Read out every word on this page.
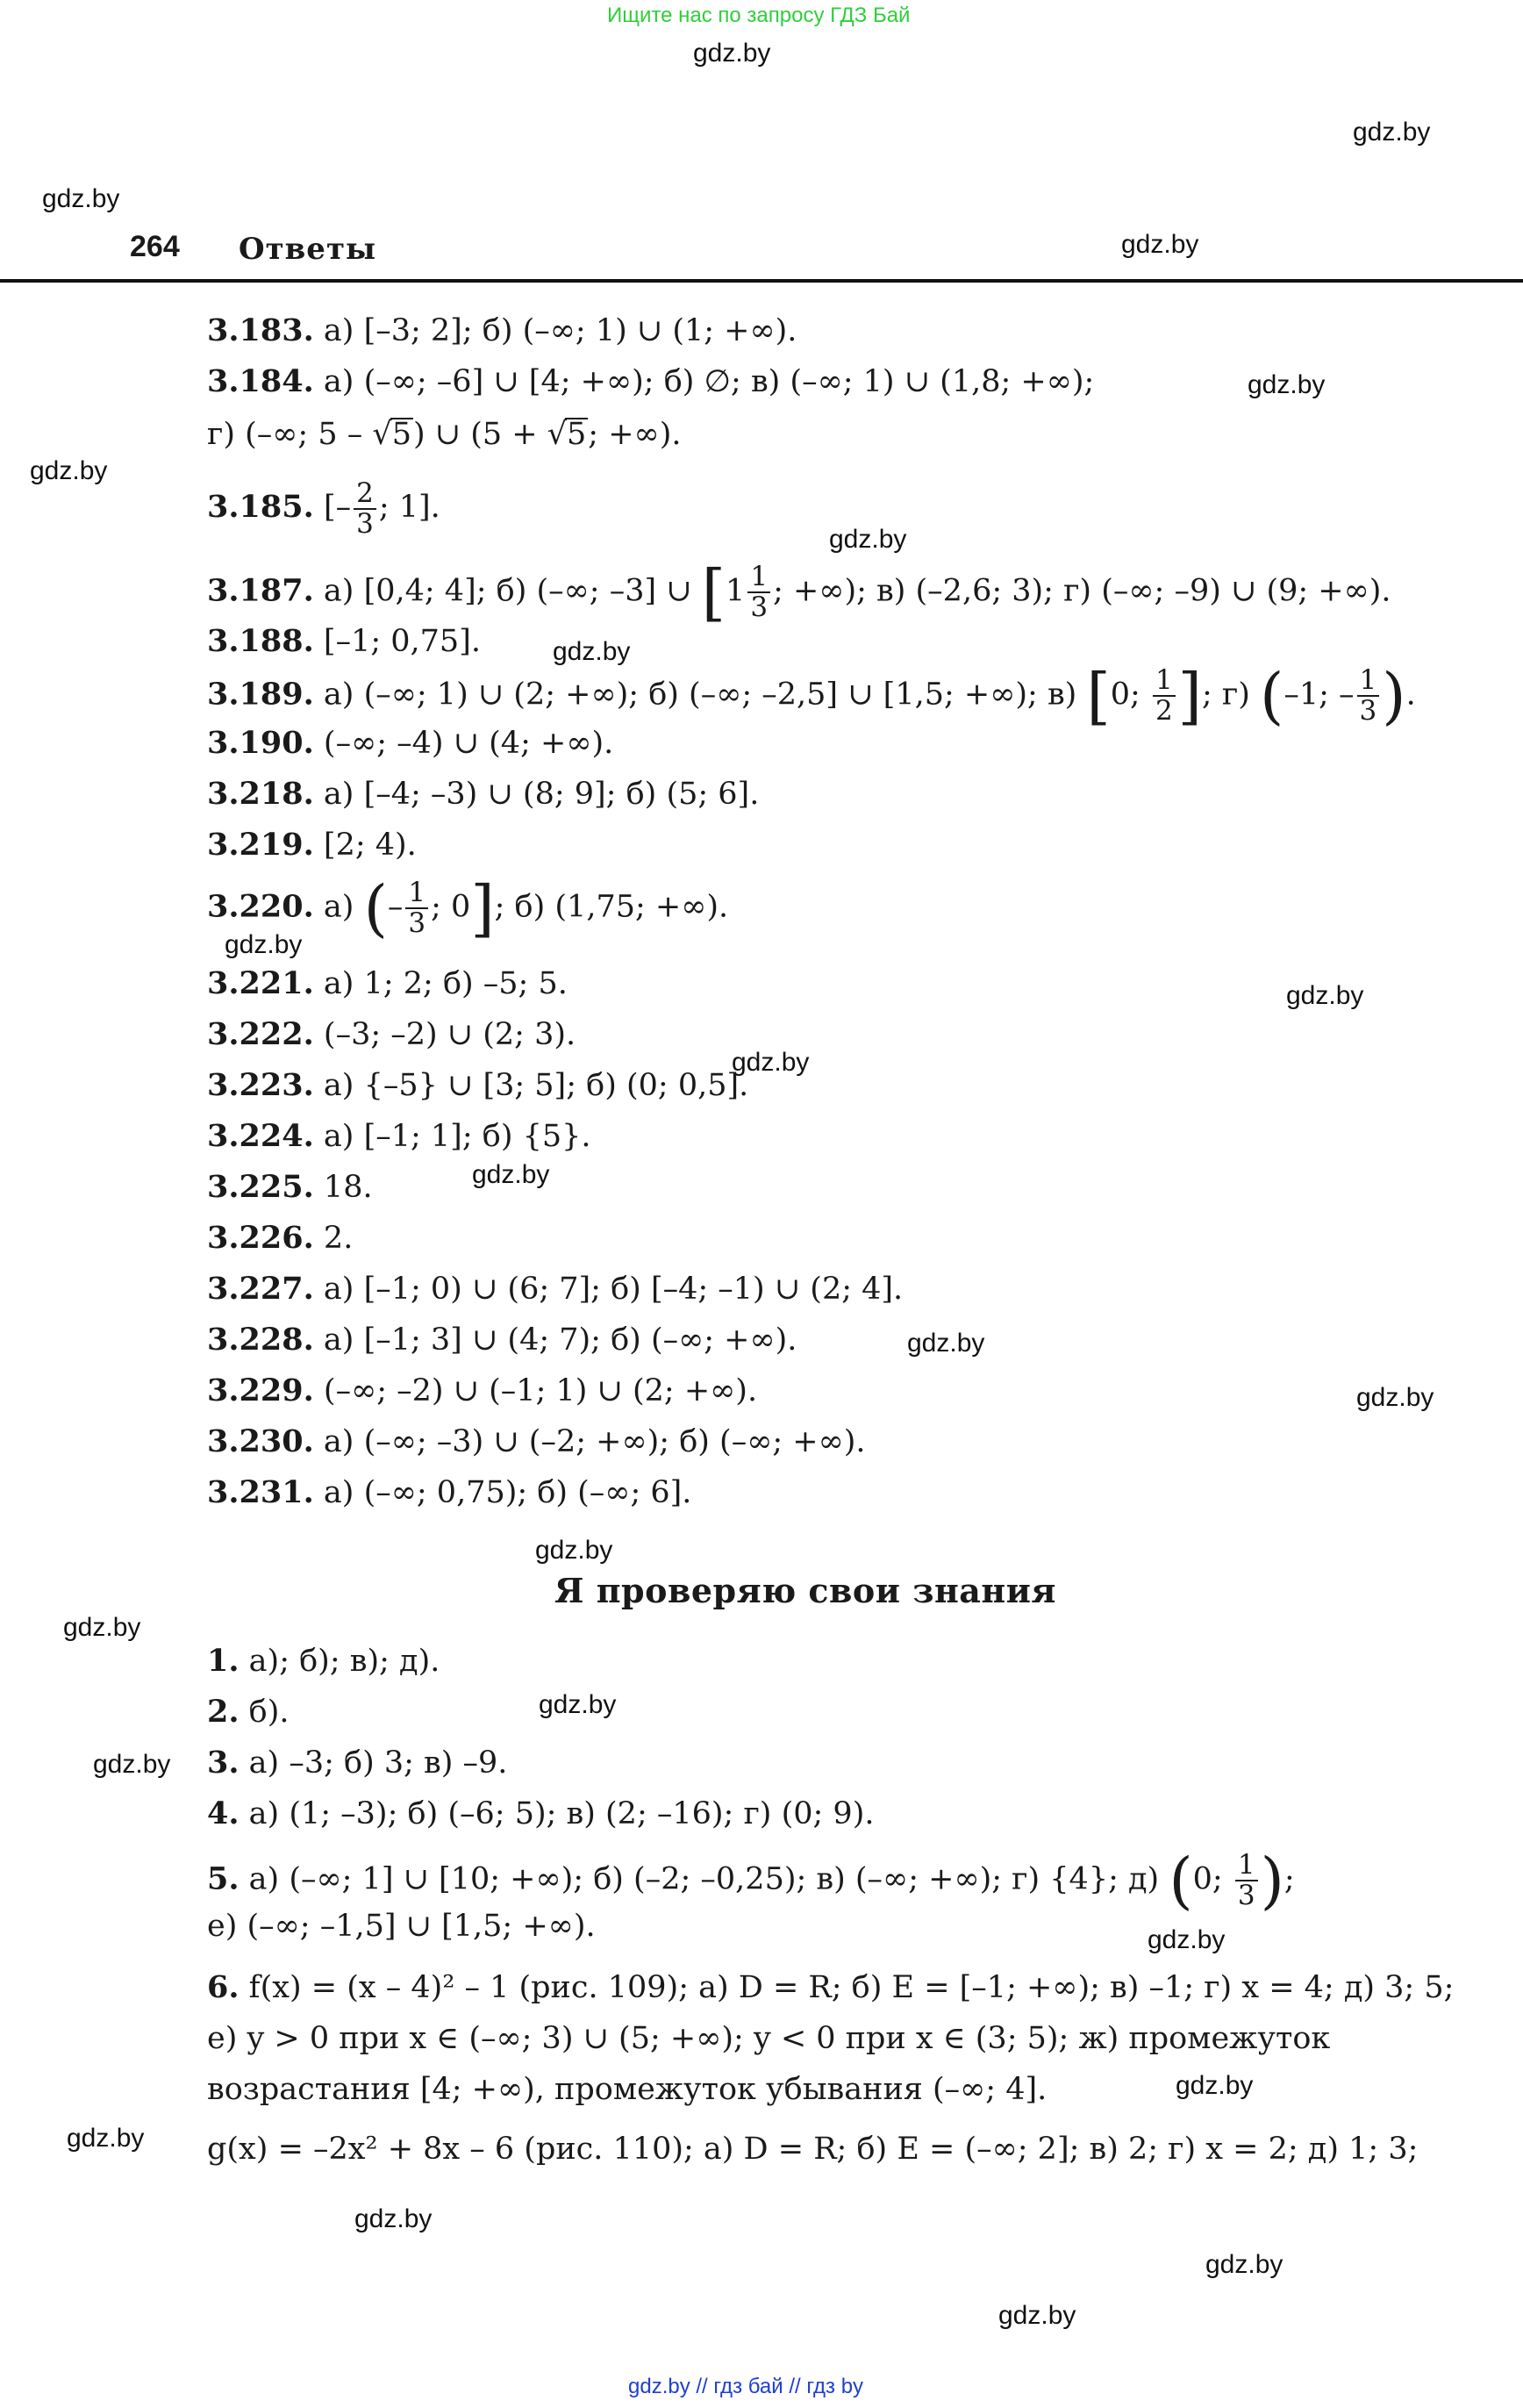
Ищите нас по запросу ГДЗ Бай
gdz.by
gdz.by
gdz.by
gdz.by
gdz.by
gdz.by
gdz.by
gdz.by
gdz.by
gdz.by
gdz.by
gdz.by
gdz.by
gdz.by
gdz.by
gdz.by
gdz.by
gdz.by
gdz.by
gdz.by
gdz.by
gdz.by
gdz.by
gdz.by
264 Ответы
3.183. а) [–3; 2]; б) (–∞; 1) ∪ (1; +∞).
3.184. а) (–∞; –6] ∪ [4; +∞); б) ∅; в) (–∞; 1) ∪ (1,8; +∞);
г) (–∞; 5 – √5) ∪ (5 + √5; +∞).
3.185. [– $\frac{2}{3}$ ; 1].
3.187. а) [0,4; 4]; б) (–∞; –3] ∪ [$1 \frac{1}{3}$ ; +∞); в) (–2,6; 3); г) (–∞; –9) ∪ (9; +∞).
3.188. [–1; 0,75].
3.189. а) (–∞; 1) ∪ (2; +∞); б) (–∞; –2,5] ∪ [1,5; +∞); в) [0; $\frac{1}{2}$ ]; г) (–1; – $\frac{1}{3}$ ).
3.190. (–∞; –4) ∪ (4; +∞).
3.218. а) [–4; –3) ∪ (8; 9]; б) (5; 6].
3.219. [2; 4).
3.220. а) (– $\frac{1}{3}$ ; 0]; б) (1,75; +∞).
3.221. а) 1; 2; б) –5; 5.
3.222. (–3; –2) ∪ (2; 3).
3.223. а) {–5} ∪ [3; 5]; б) (0; 0,5].
3.224. а) [–1; 1]; б) {5}.
3.225. 18.
3.226. 2.
3.227. а) [–1; 0) ∪ (6; 7]; б) [–4; –1) ∪ (2; 4].
3.228. а) [–1; 3] ∪ (4; 7); б) (–∞; +∞).
3.229. (–∞; –2) ∪ (–1; 1) ∪ (2; +∞).
3.230. а) (–∞; –3) ∪ (–2; +∞); б) (–∞; +∞).
3.231. а) (–∞; 0,75); б) (–∞; 6].
Я проверяю свои знания
1. а); б); в); д).
2. б).
3. а) –3; б) 3; в) –9.
4. а) (1; –3); б) (–6; 5); в) (2; –16); г) (0; 9).
5. а) (–∞; 1] ∪ [10; +∞); б) (–2; –0,25); в) (–∞; +∞); г) {4}; д) (0; $\frac{1}{3}$ );
е) (–∞; –1,5] ∪ [1,5; +∞).
6. f(x) = (x – 4)² – 1 (рис. 109); а) D = R; б) E = [–1; +∞); в) –1; г) x = 4; д) 3; 5;
е) y > 0 при x ∈ (–∞; 3) ∪ (5; +∞); y < 0 при x ∈ (3; 5); ж) промежуток
возрастания [4; +∞), промежуток убывания (–∞; 4].
g(x) = –2x² + 8x – 6 (рис. 110); а) D = R; б) E = (–∞; 2]; в) 2; г) x = 2; д) 1; 3;
gdz.by // гдз бай // гдз by
